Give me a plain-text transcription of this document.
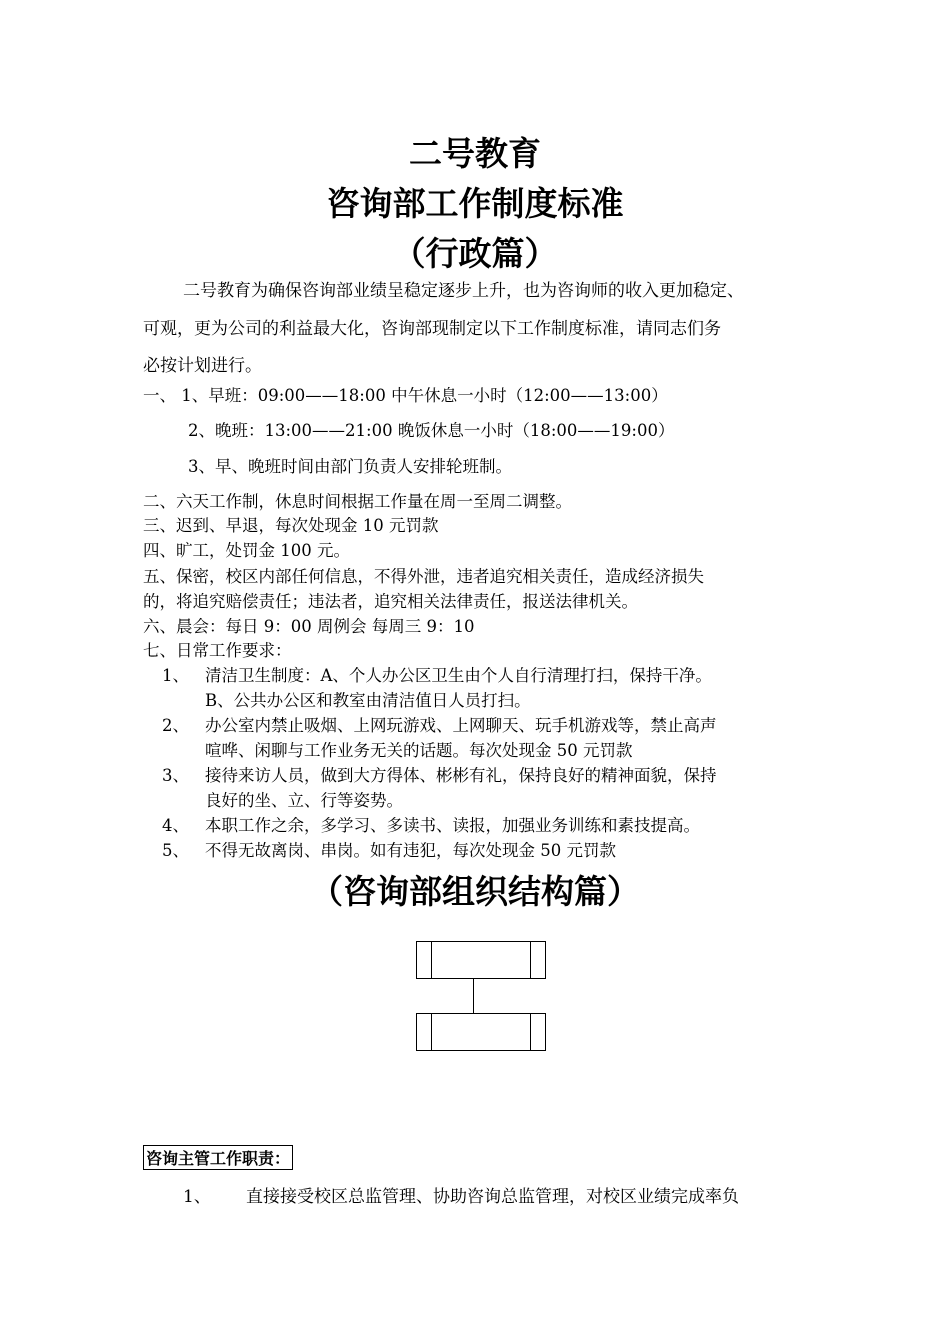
二号教育
咨询部工作制度标准
（行政篇）
二号教育为确保咨询部业绩呈稳定逐步上升，也为咨询师的收入更加稳定、
可观，更为公司的利益最大化，咨询部现制定以下工作制度标准，请同志们务
必按计划进行。
一、 1、早班：09:00——18:00 中午休息一小时（12:00——13:00）
2、晚班：13:00——21:00 晚饭休息一小时（18:00——19:00）
3、早、晚班时间由部门负责人安排轮班制。
二、六天工作制，休息时间根据工作量在周一至周二调整。
三、迟到、早退，每次处现金 10 元罚款
四、旷工，处罚金 100 元。
五、保密，校区内部任何信息，不得外泄，违者追究相关责任，造成经济损失
的，将追究赔偿责任；违法者，追究相关法律责任，报送法律机关。
六、晨会：每日 9：00 周例会 每周三 9：10
七、日常工作要求：
1、 清洁卫生制度：A、个人办公区卫生由个人自行清理打扫，保持干净。
B、公共办公区和教室由清洁值日人员打扫。
2、 办公室内禁止吸烟、上网玩游戏、上网聊天、玩手机游戏等，禁止高声
喧哗、闲聊与工作业务无关的话题。每次处现金 50 元罚款
3、 接待来访人员，做到大方得体、彬彬有礼，保持良好的精神面貌，保持
良好的坐、立、行等姿势。
4、 本职工作之余，多学习、多读书、读报，加强业务训练和素技提高。
5、 不得无故离岗、串岗。如有违犯，每次处现金 50 元罚款
（咨询部组织结构篇）
咨询主管工作职责：
1、 直接接受校区总监管理、协助咨询总监管理，对校区业绩完成率负
